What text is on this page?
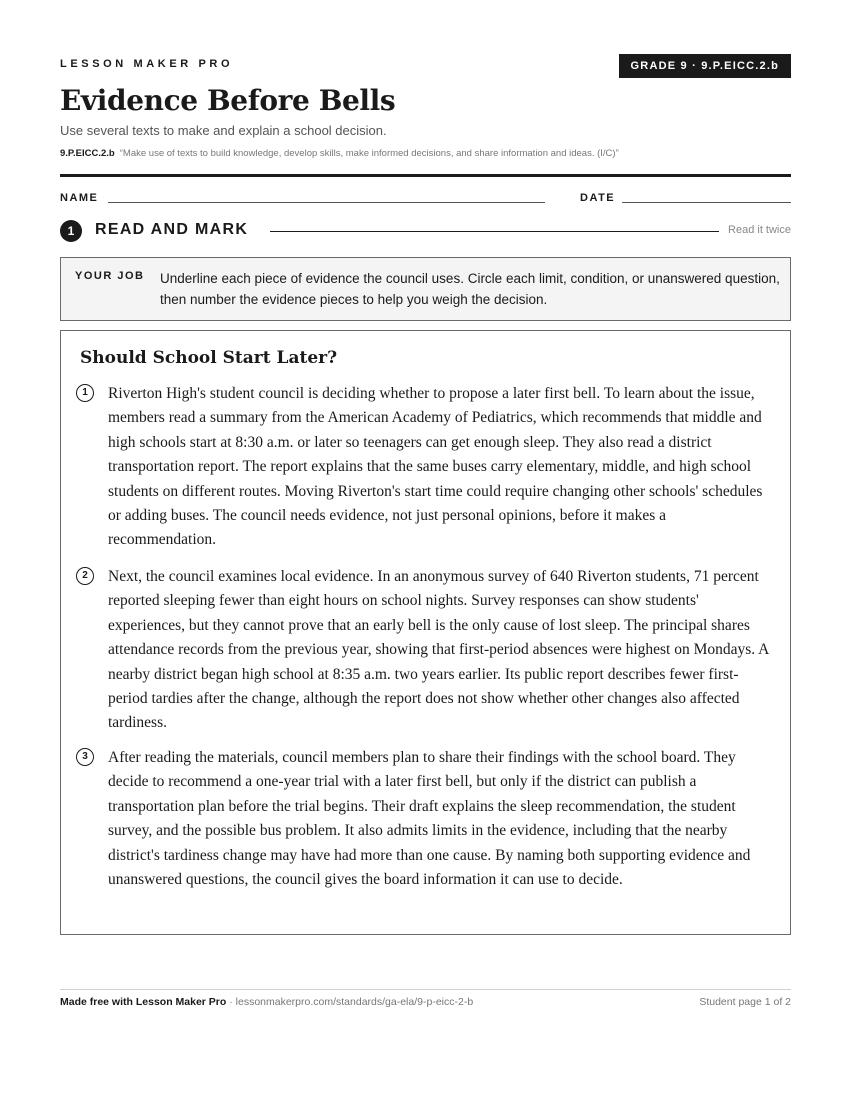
LESSON MAKER PRO	GRADE 9 · 9.P.EICC.2.b
Evidence Before Bells
Use several texts to make and explain a school decision.
9.P.EICC.2.b “Make use of texts to build knowledge, develop skills, make informed decisions, and share information and ideas. (I/C)”
NAME	DATE
1	READ AND MARK	Read it twice
YOUR JOB Underline each piece of evidence the council uses. Circle each limit, condition, or unanswered question, then number the evidence pieces to help you weigh the decision.
Should School Start Later?
1	Riverton High's student council is deciding whether to propose a later first bell. To learn about the issue, members read a summary from the American Academy of Pediatrics, which recommends that middle and high schools start at 8:30 a.m. or later so teenagers can get enough sleep. They also read a district transportation report. The report explains that the same buses carry elementary, middle, and high school students on different routes. Moving Riverton's start time could require changing other schools' schedules or adding buses. The council needs evidence, not just personal opinions, before it makes a recommendation.

2	Next, the council examines local evidence. In an anonymous survey of 640 Riverton students, 71 percent reported sleeping fewer than eight hours on school nights. Survey responses can show students' experiences, but they cannot prove that an early bell is the only cause of lost sleep. The principal shares attendance records from the previous year, showing that first-period absences were highest on Mondays. A nearby district began high school at 8:35 a.m. two years earlier. Its public report describes fewer first-period tardies after the change, although the report does not show whether other changes also affected tardiness.

3	After reading the materials, council members plan to share their findings with the school board. They decide to recommend a one-year trial with a later first bell, but only if the district can publish a transportation plan before the trial begins. Their draft explains the sleep recommendation, the student survey, and the possible bus problem. It also admits limits in the evidence, including that the nearby district's tardiness change may have had more than one cause. By naming both supporting evidence and unanswered questions, the council gives the board information it can use to decide.

Made free with Lesson Maker Pro · lessonmakerpro.com/standards/ga-ela/9-p-eicc-2-b	Student page 1 of 2
